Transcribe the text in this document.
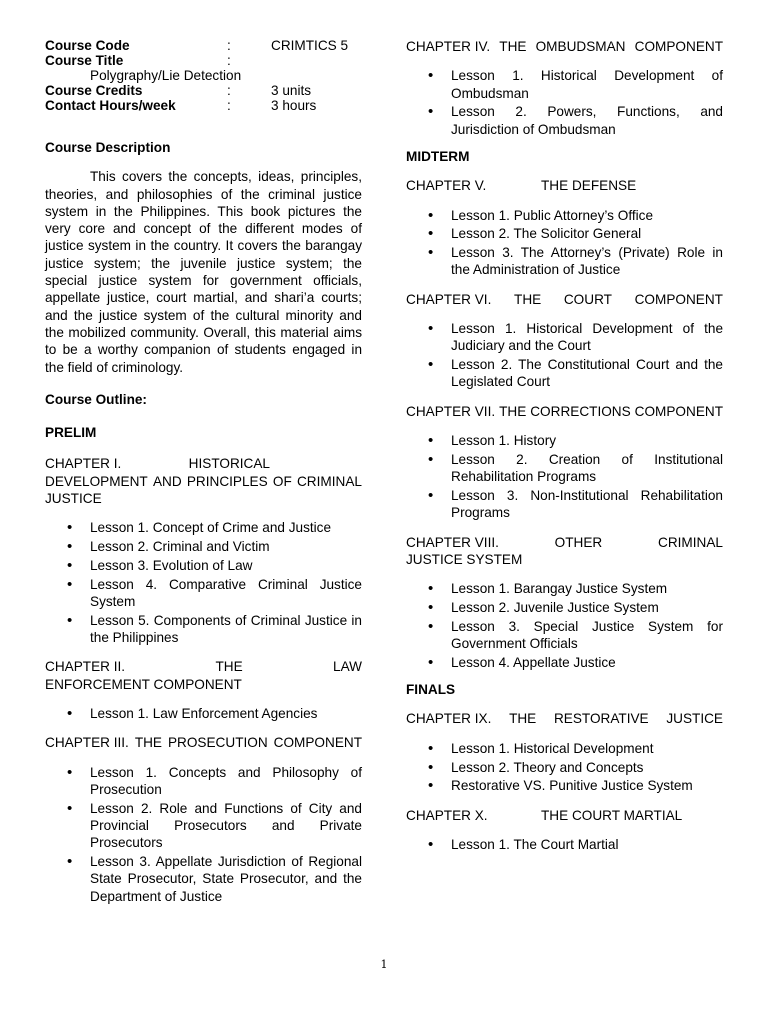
Course Code	:	CRIMTICS 5
Course Title	:
Polygraphy/Lie Detection
Course Credits	:	3 units
Contact Hours/week	:	3 hours

Course Description

This covers the concepts, ideas, principles, theories, and philosophies of the criminal justice system in the Philippines. This book pictures the very core and concept of the different modes of justice system in the country. It covers the barangay justice system; the juvenile justice system; the special justice system for government officials, appellate justice, court martial, and shari’a courts; and the justice system of the cultural minority and the mobilized community. Overall, this material aims to be a worthy companion of students engaged in the field of criminology.

Course Outline:

PRELIM

CHAPTER I.	HISTORICAL
DEVELOPMENT AND PRINCIPLES OF CRIMINAL
JUSTICE
• Lesson 1. Concept of Crime and Justice
• Lesson 2. Criminal and Victim
• Lesson 3. Evolution of Law
• Lesson 4. Comparative Criminal Justice System
• Lesson 5. Components of Criminal Justice in the Philippines
CHAPTER II.	THE	LAW
ENFORCEMENT COMPONENT
• Lesson 1. Law Enforcement Agencies
CHAPTER III. THE PROSECUTION COMPONENT
• Lesson 1. Concepts and Philosophy of Prosecution
• Lesson 2. Role and Functions of City and Provincial Prosecutors and Private Prosecutors
• Lesson 3. Appellate Jurisdiction of Regional State Prosecutor, State Prosecutor, and the Department of Justice
CHAPTER IV. THE OMBUDSMAN COMPONENT
• Lesson 1. Historical Development of Ombudsman
• Lesson 2. Powers, Functions, and Jurisdiction of Ombudsman

MIDTERM

CHAPTER V.	THE DEFENSE
• Lesson 1. Public Attorney’s Office
• Lesson 2. The Solicitor General
• Lesson 3. The Attorney’s (Private) Role in the Administration of Justice
CHAPTER VI. THE COURT COMPONENT
• Lesson 1. Historical Development of the Judiciary and the Court
• Lesson 2. The Constitutional Court and the Legislated Court
CHAPTER VII. THE CORRECTIONS COMPONENT
• Lesson 1. History
• Lesson 2. Creation of Institutional Rehabilitation Programs
• Lesson 3. Non-Institutional Rehabilitation Programs
CHAPTER VIII.	OTHER	CRIMINAL
JUSTICE SYSTEM
• Lesson 1. Barangay Justice System
• Lesson 2. Juvenile Justice System
• Lesson 3. Special Justice System for Government Officials
• Lesson 4. Appellate Justice

FINALS

CHAPTER IX. THE RESTORATIVE JUSTICE
• Lesson 1. Historical Development
• Lesson 2. Theory and Concepts
• Restorative VS. Punitive Justice System
CHAPTER X.	THE COURT MARTIAL
• Lesson 1. The Court Martial
1
